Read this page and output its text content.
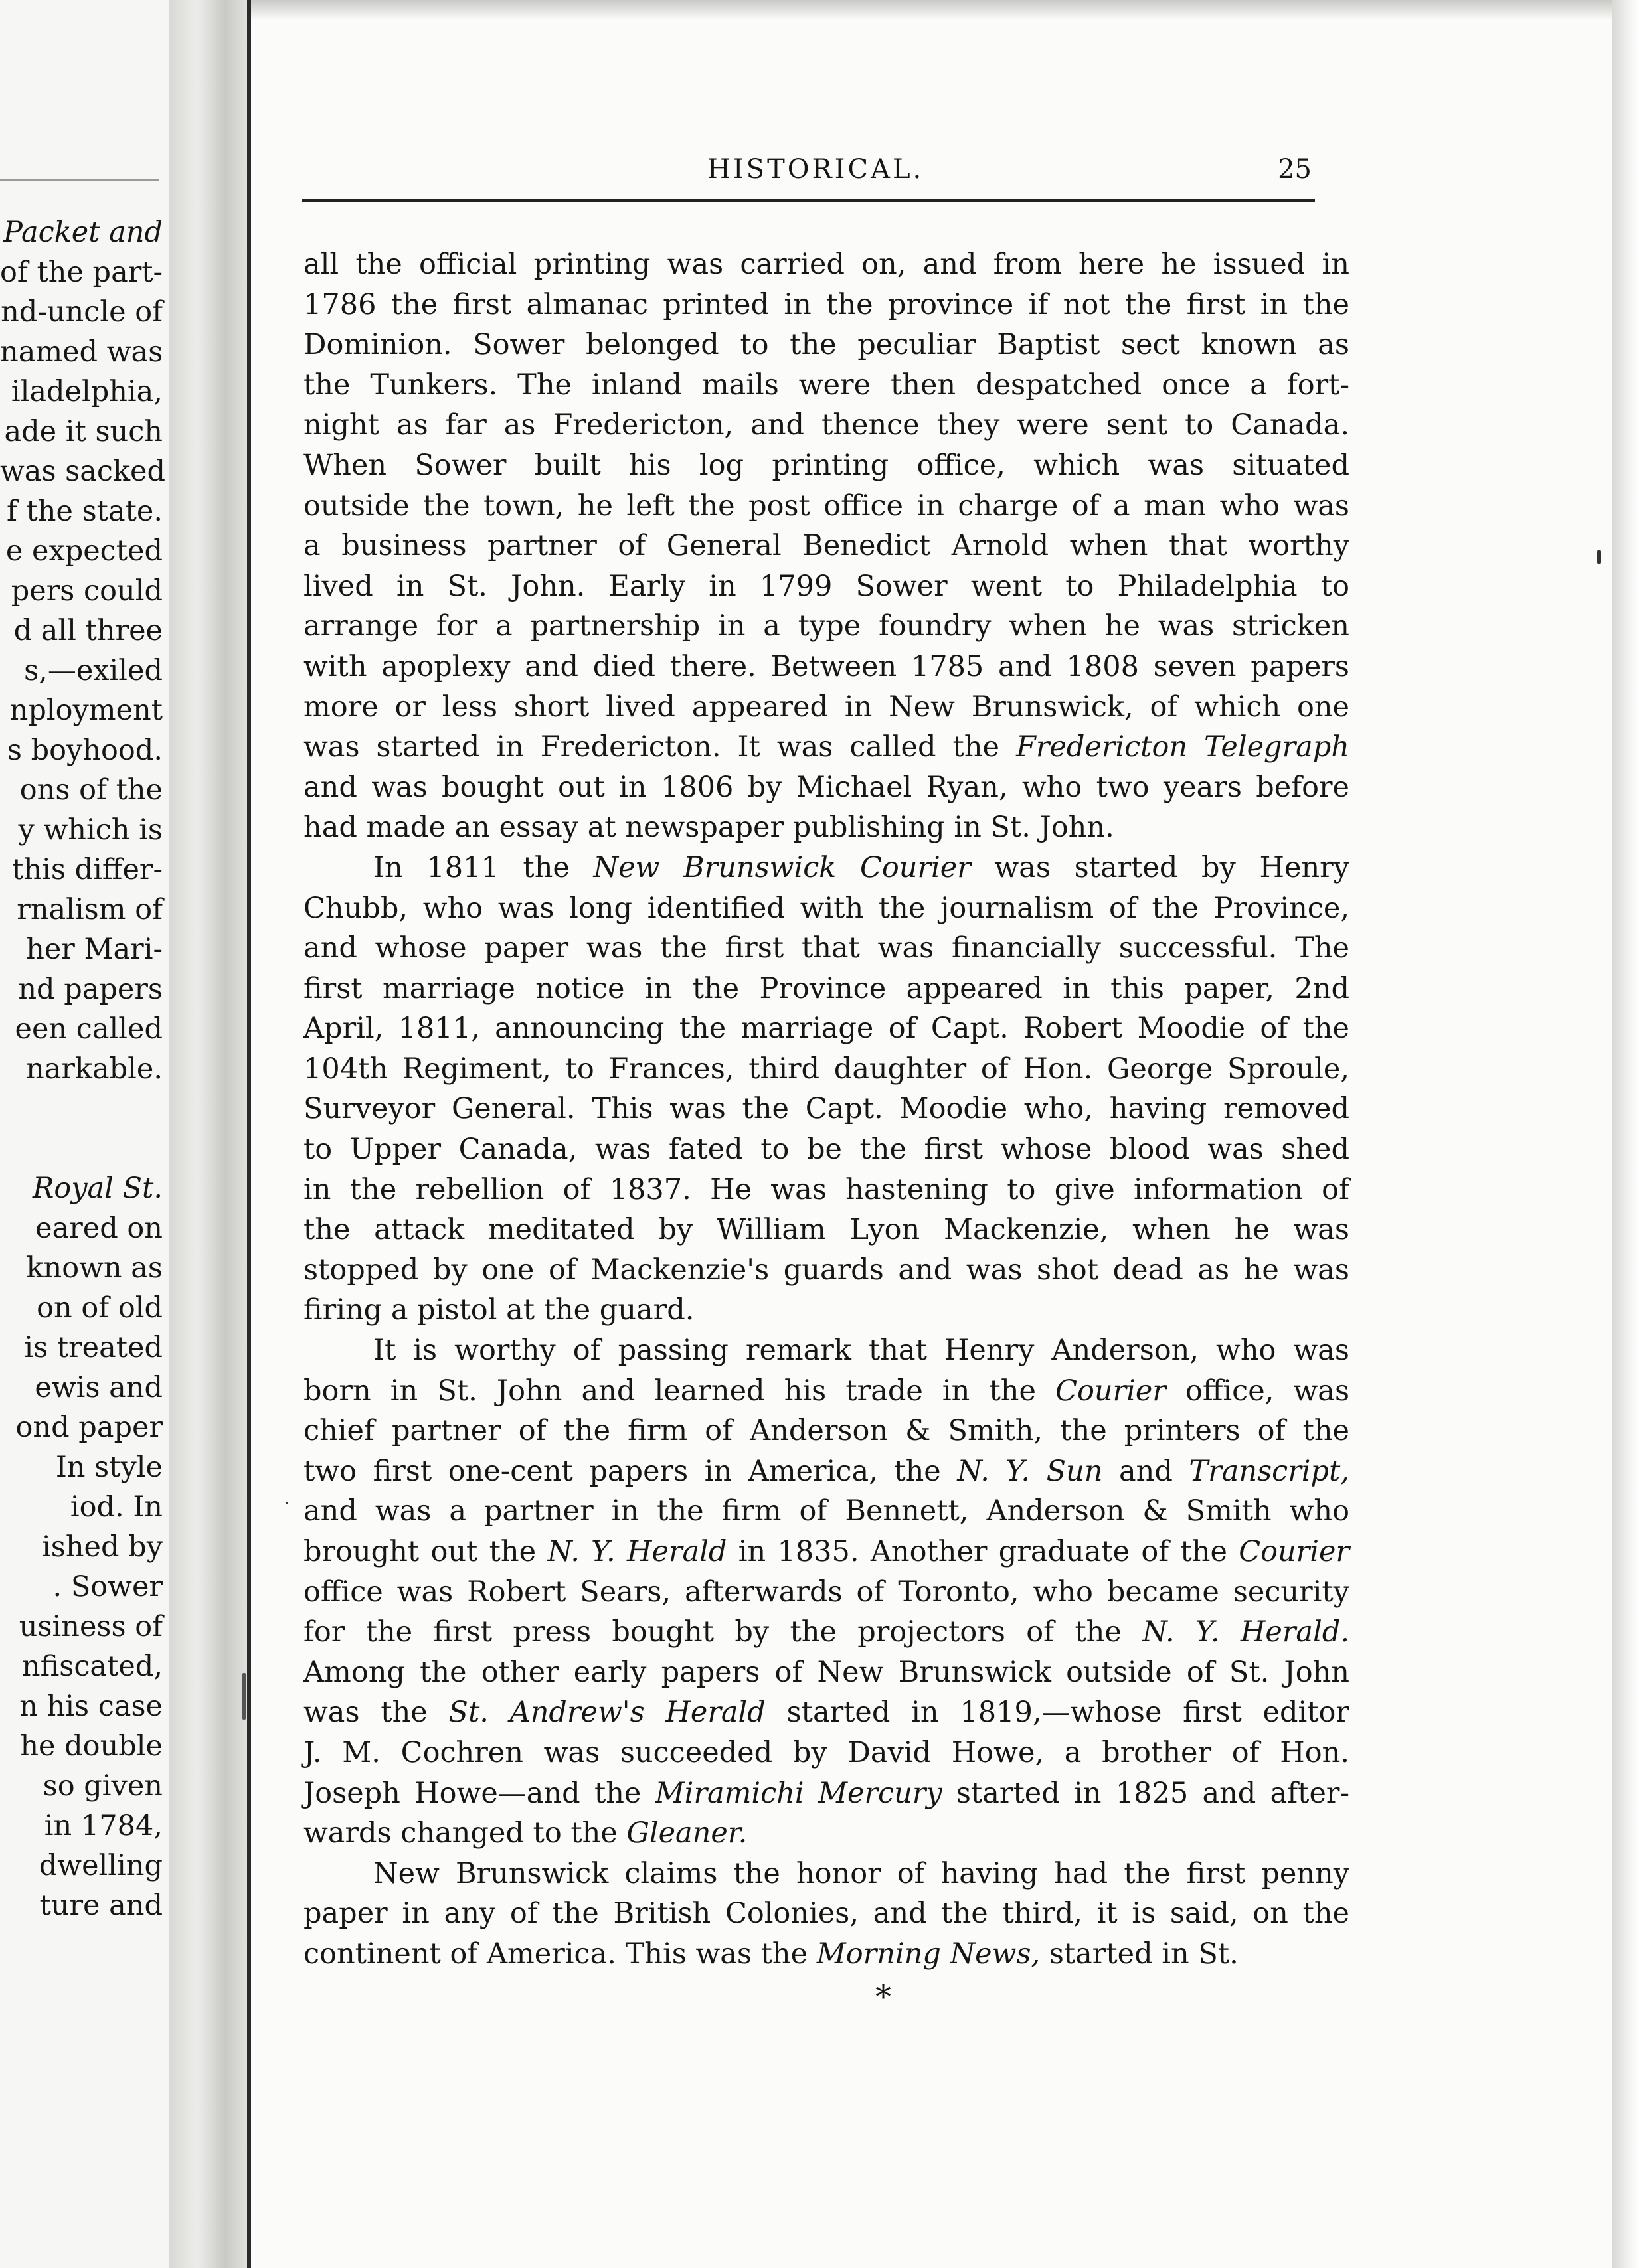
Packet and
of the part-
nd-uncle of
named was
iladelphia,
ade it such
was sacked
f the state.
e expected
pers could
d all three
s,—exiled
nployment
s boyhood.
ons of the
y which is
this differ-
rnalism of
her Mari-
nd papers
een called
narkable.
Royal St.
eared on
known as
on of old
is treated
ewis and
ond paper
In style
iod. In
ished by
. Sower
usiness of
nfiscated,
n his case
he double
so given
in 1784,
dwelling
ture and
HISTORICAL.	25
all the official printing was carried on, and from here he issued in
1786 the first almanac printed in the province if not the first in the
Dominion. Sower belonged to the peculiar Baptist sect known as
the Tunkers. The inland mails were then despatched once a fort-
night as far as Fredericton, and thence they were sent to Canada.
When Sower built his log printing office, which was situated
outside the town, he left the post office in charge of a man who was
a business partner of General Benedict Arnold when that worthy
lived in St. John. Early in 1799 Sower went to Philadelphia to
arrange for a partnership in a type foundry when he was stricken
with apoplexy and died there. Between 1785 and 1808 seven papers
more or less short lived appeared in New Brunswick, of which one
was started in Fredericton. It was called the Fredericton Telegraph
and was bought out in 1806 by Michael Ryan, who two years before
had made an essay at newspaper publishing in St. John.
In 1811 the New Brunswick Courier was started by Henry
Chubb, who was long identified with the journalism of the Province,
and whose paper was the first that was financially successful. The
first marriage notice in the Province appeared in this paper, 2nd
April, 1811, announcing the marriage of Capt. Robert Moodie of the
104th Regiment, to Frances, third daughter of Hon. George Sproule,
Surveyor General. This was the Capt. Moodie who, having removed
to Upper Canada, was fated to be the first whose blood was shed
in the rebellion of 1837. He was hastening to give information of
the attack meditated by William Lyon Mackenzie, when he was
stopped by one of Mackenzie's guards and was shot dead as he was
firing a pistol at the guard.
It is worthy of passing remark that Henry Anderson, who was
born in St. John and learned his trade in the Courier office, was
chief partner of the firm of Anderson & Smith, the printers of the
two first one-cent papers in America, the N. Y. Sun and Transcript,
and was a partner in the firm of Bennett, Anderson & Smith who
brought out the N. Y. Herald in 1835. Another graduate of the Courier
office was Robert Sears, afterwards of Toronto, who became security
for the first press bought by the projectors of the N. Y. Herald.
Among the other early papers of New Brunswick outside of St. John
was the St. Andrew's Herald started in 1819,—whose first editor
J. M. Cochren was succeeded by David Howe, a brother of Hon.
Joseph Howe—and the Miramichi Mercury started in 1825 and after-
wards changed to the Gleaner.
New Brunswick claims the honor of having had the first penny
paper in any of the British Colonies, and the third, it is said, on the
continent of America. This was the Morning News, started in St.
*
